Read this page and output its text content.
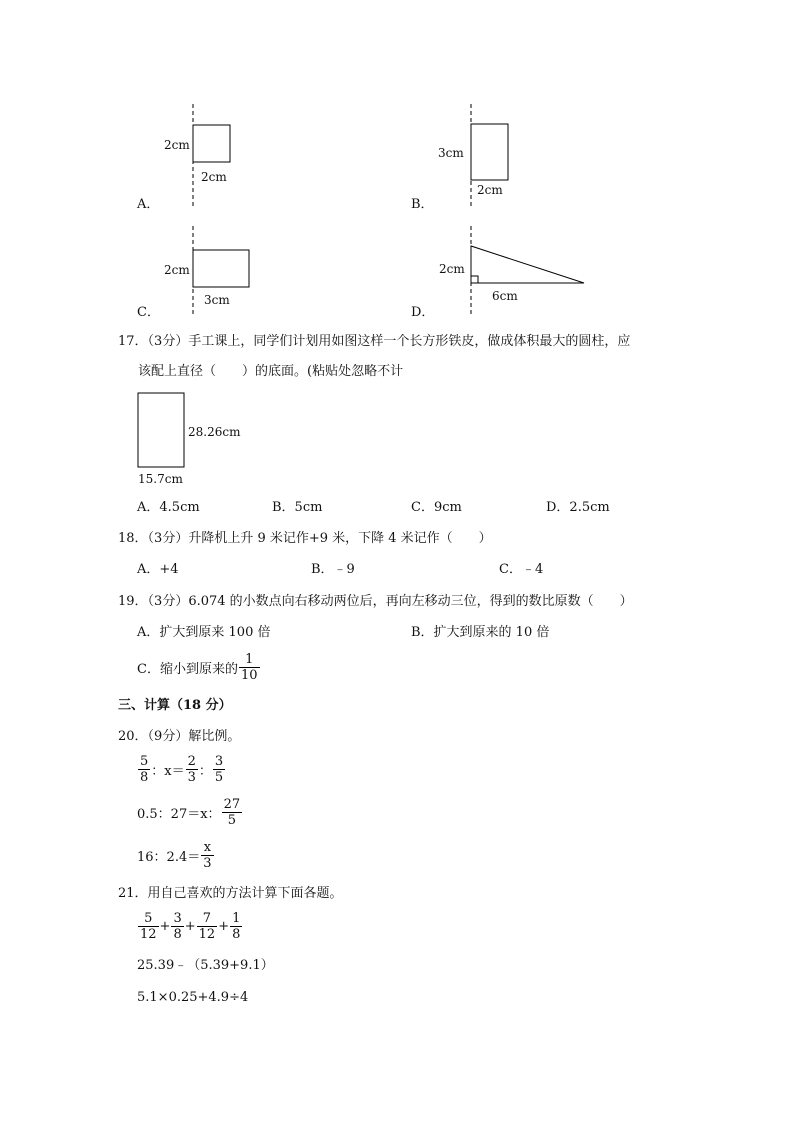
2cm
2cm
A．
3cm
2cm
B．
2cm
3cm
C．
2cm
6cm
D．
17．（3分）手工课上，同学们计划用如图这样一个长方形铁皮，做成体积最大的圆柱，应
该配上直径（　　）的底面。(粘贴处忽略不计
28.26cm
15.7cm
A．4.5cm	B．5cm	C．9cm	D．2.5cm
18．（3分）升降机上升 9 米记作+9 米，下降 4 米记作（　　）
A．+4	B．﹣9	C．﹣4
19．（3分）6.074 的小数点向右移动两位后，再向左移动三位，得到的数比原数（　　）
A．扩大到原来 100 倍	B．扩大到原来的 10 倍
C．缩小到原来的 $\frac{1}{10}$
三、计算（18 分）
20．（9分）解比例。
$\frac{5}{8}$ ：$x= \frac{2}{3}$ ： $\frac{3}{5}$
0.5：27＝x： $\frac{27}{5}$
16：$2.4= \frac{x}{3}$
21．用自己喜欢的方法计算下面各题。
$\frac{5}{12} + \frac{3}{8} + \frac{7}{12} + \frac{1}{8}$
25.39﹣（5.39+9.1）
5.1×0.25+4.9÷4
